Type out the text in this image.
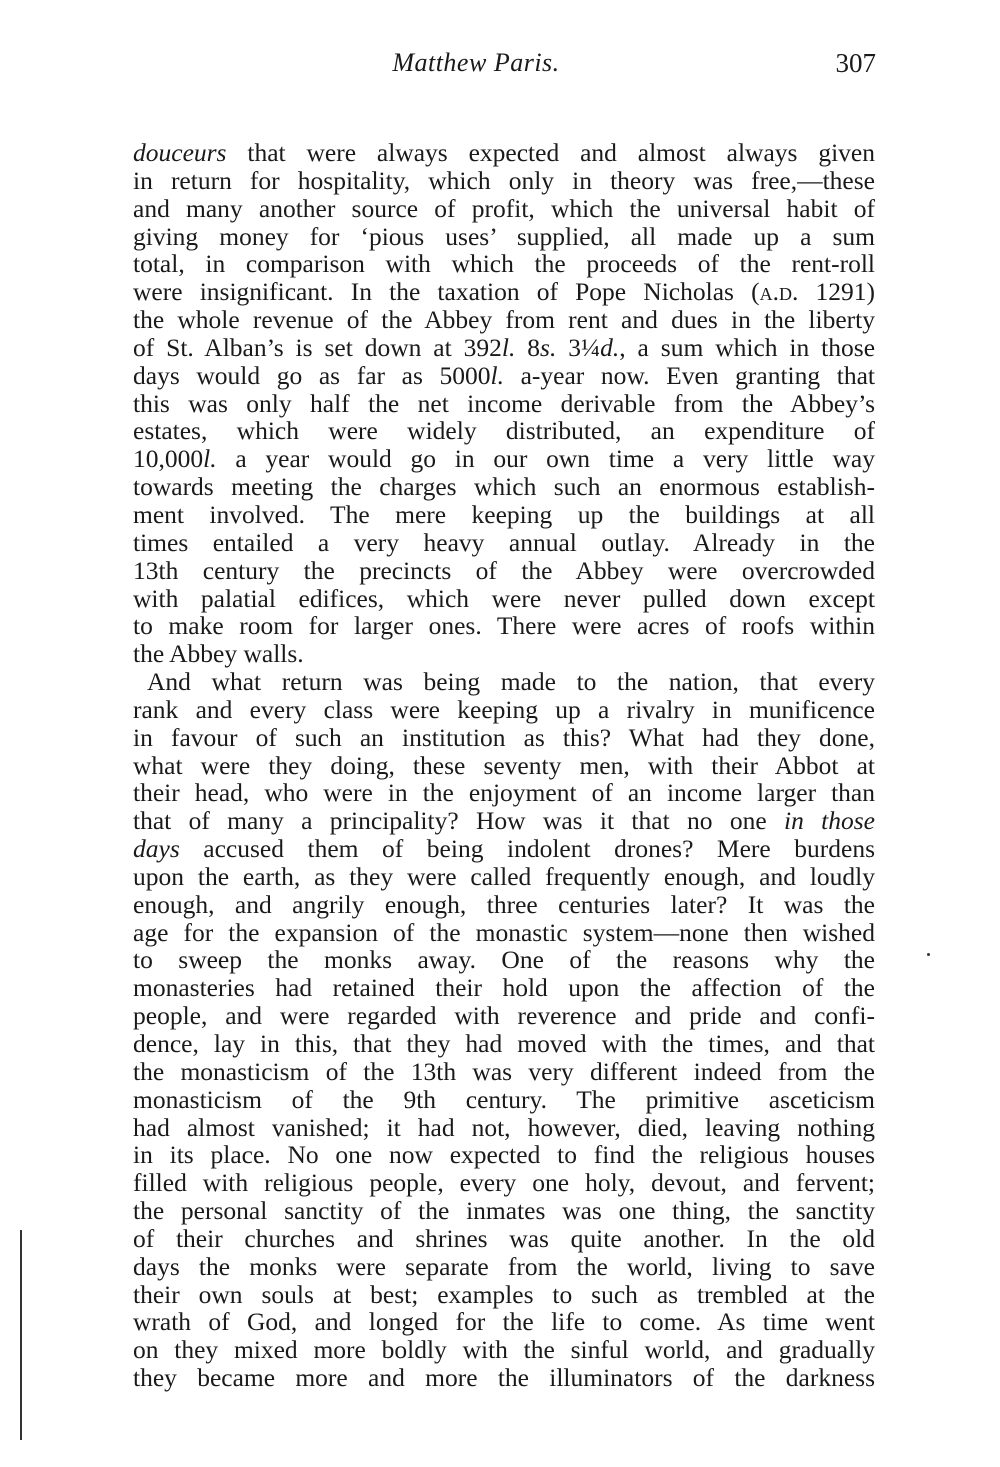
Matthew Paris.	307
douceurs that were always expected and almost always given
in return for hospitality, which only in theory was free,—these
and many another source of profit, which the universal habit of
giving money for ‘pious uses’ supplied, all made up a sum
total, in comparison with which the proceeds of the rent-roll
were insignificant. In the taxation of Pope Nicholas (a.d. 1291)
the whole revenue of the Abbey from rent and dues in the liberty
of St. Alban’s is set down at 392l. 8s. 3¼d., a sum which in those
days would go as far as 5000l. a-year now. Even granting that
this was only half the net income derivable from the Abbey’s
estates, which were widely distributed, an expenditure of
10,000l. a year would go in our own time a very little way
towards meeting the charges which such an enormous establish-
ment involved. The mere keeping up the buildings at all
times entailed a very heavy annual outlay. Already in the
13th century the precincts of the Abbey were overcrowded
with palatial edifices, which were never pulled down except
to make room for larger ones. There were acres of roofs within
the Abbey walls.
And what return was being made to the nation, that every
rank and every class were keeping up a rivalry in munificence
in favour of such an institution as this? What had they done,
what were they doing, these seventy men, with their Abbot at
their head, who were in the enjoyment of an income larger than
that of many a principality? How was it that no one in those
days accused them of being indolent drones? Mere burdens
upon the earth, as they were called frequently enough, and loudly
enough, and angrily enough, three centuries later? It was the
age for the expansion of the monastic system—none then wished
to sweep the monks away. One of the reasons why the
monasteries had retained their hold upon the affection of the
people, and were regarded with reverence and pride and confi-
dence, lay in this, that they had moved with the times, and that
the monasticism of the 13th was very different indeed from the
monasticism of the 9th century. The primitive asceticism
had almost vanished; it had not, however, died, leaving nothing
in its place. No one now expected to find the religious houses
filled with religious people, every one holy, devout, and fervent;
the personal sanctity of the inmates was one thing, the sanctity
of their churches and shrines was quite another. In the old
days the monks were separate from the world, living to save
their own souls at best; examples to such as trembled at the
wrath of God, and longed for the life to come. As time went
on they mixed more boldly with the sinful world, and gradually
they became more and more the illuminators of the darkness
